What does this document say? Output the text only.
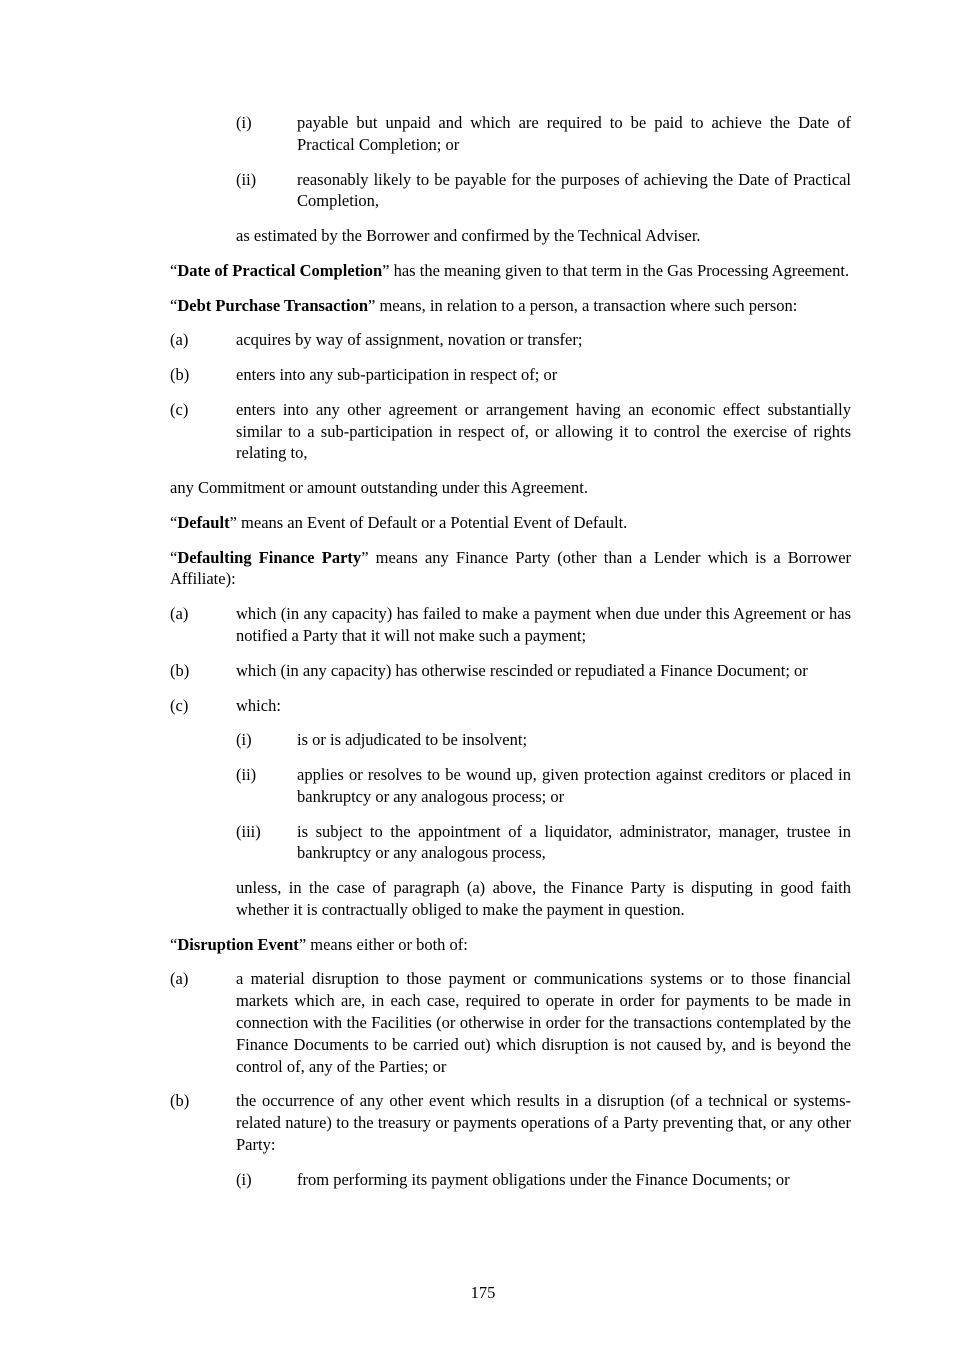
(i)	payable but unpaid and which are required to be paid to achieve the Date of Practical Completion; or
(ii)	reasonably likely to be payable for the purposes of achieving the Date of Practical Completion,
as estimated by the Borrower and confirmed by the Technical Adviser.
“Date of Practical Completion” has the meaning given to that term in the Gas Processing Agreement.
“Debt Purchase Transaction” means, in relation to a person, a transaction where such person:
(a)	acquires by way of assignment, novation or transfer;
(b)	enters into any sub-participation in respect of; or
(c)	enters into any other agreement or arrangement having an economic effect substantially similar to a sub-participation in respect of, or allowing it to control the exercise of rights relating to,
any Commitment or amount outstanding under this Agreement.
“Default” means an Event of Default or a Potential Event of Default.
“Defaulting Finance Party” means any Finance Party (other than a Lender which is a Borrower Affiliate):
(a)	which (in any capacity) has failed to make a payment when due under this Agreement or has notified a Party that it will not make such a payment;
(b)	which (in any capacity) has otherwise rescinded or repudiated a Finance Document; or
(c)	which:
(i)	is or is adjudicated to be insolvent;
(ii)	applies or resolves to be wound up, given protection against creditors or placed in bankruptcy or any analogous process; or
(iii)	is subject to the appointment of a liquidator, administrator, manager, trustee in bankruptcy or any analogous process,
unless, in the case of paragraph (a) above, the Finance Party is disputing in good faith whether it is contractually obliged to make the payment in question.
“Disruption Event” means either or both of:
(a)	a material disruption to those payment or communications systems or to those financial markets which are, in each case, required to operate in order for payments to be made in connection with the Facilities (or otherwise in order for the transactions contemplated by the Finance Documents to be carried out) which disruption is not caused by, and is beyond the control of, any of the Parties; or
(b)	the occurrence of any other event which results in a disruption (of a technical or systems-related nature) to the treasury or payments operations of a Party preventing that, or any other Party:
(i)	from performing its payment obligations under the Finance Documents; or
175
